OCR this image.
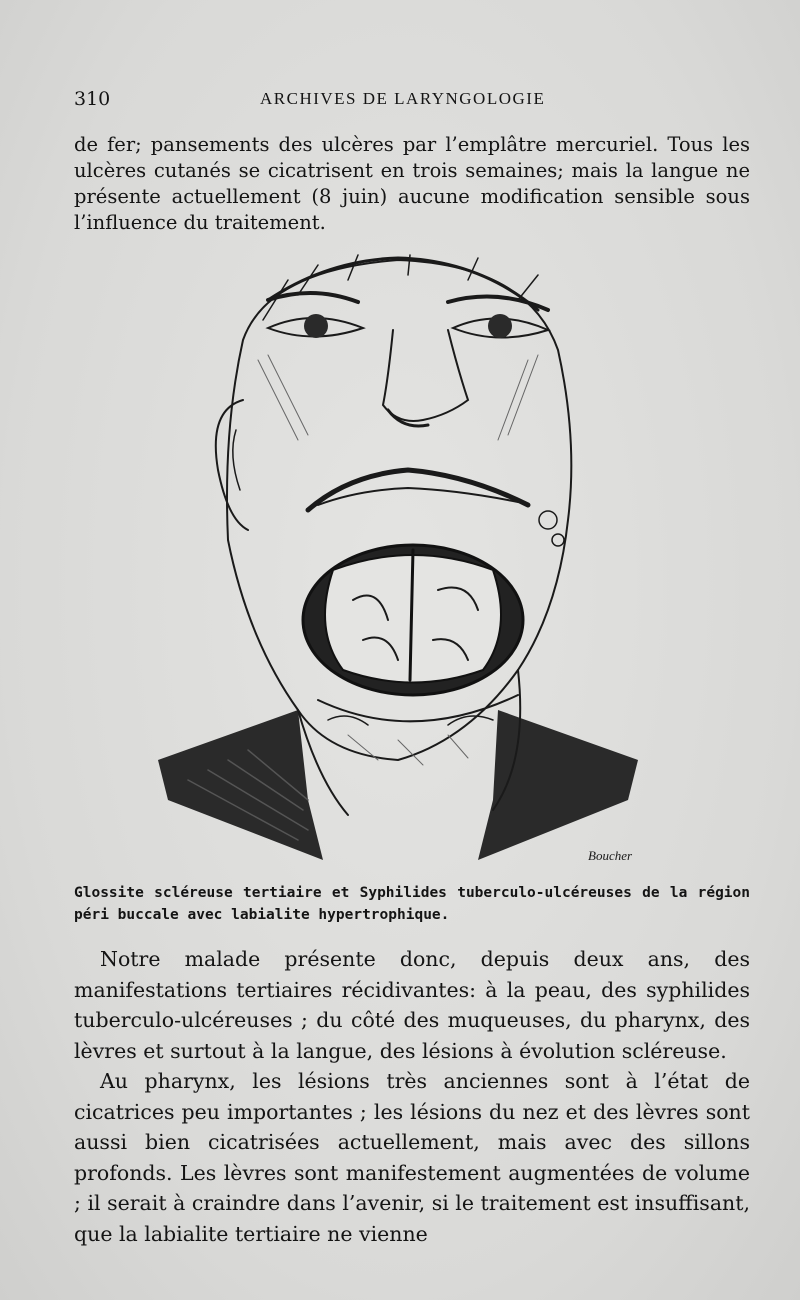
310	ARCHIVES DE LARYNGOLOGIE
de fer; pansements des ulcères par l’emplâtre mercuriel. Tous les ulcères cutanés se cicatrisent en trois semaines; mais la langue ne présente actuellement (8 juin) aucune modification sensible sous l’influence du traitement.
Boucher
Glossite scléreuse tertiaire et Syphilides tuberculo-ulcéreuses de la région péri buccale avec labialite hypertrophique.

Notre malade présente donc, depuis deux ans, des manifestations tertiaires récidivantes: à la peau, des syphilides tuberculo-ulcéreuses ; du côté des muqueuses, du pharynx, des lèvres et surtout à la langue, des lésions à évolution scléreuse.

Au pharynx, les lésions très anciennes sont à l’état de cicatrices peu importantes ; les lésions du nez et des lèvres sont aussi bien cicatrisées actuellement, mais avec des sillons profonds. Les lèvres sont manifestement augmentées de volume ; il serait à craindre dans l’avenir, si le traitement est insuffisant, que la labialite tertiaire ne vienne
